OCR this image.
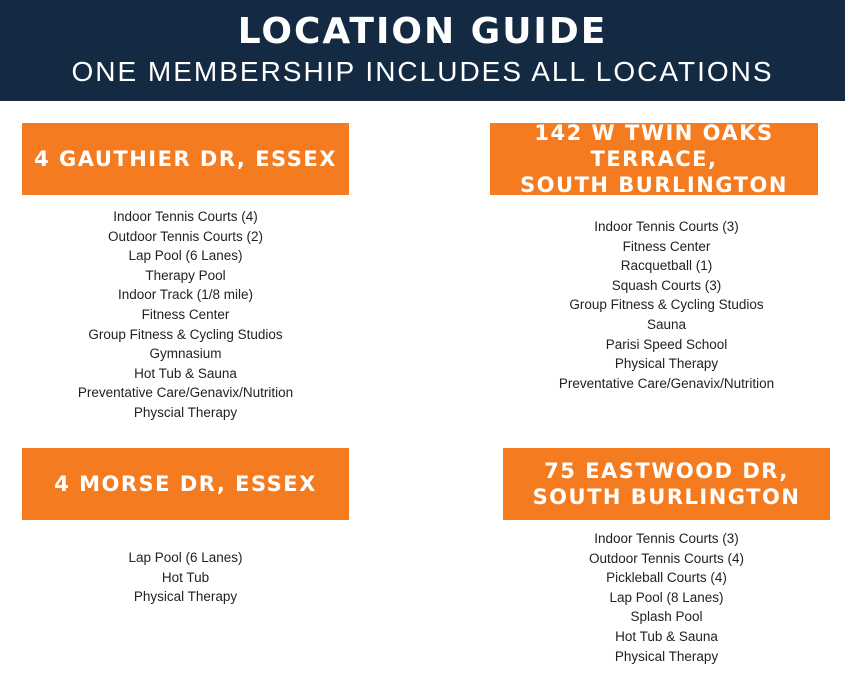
LOCATION GUIDE
ONE MEMBERSHIP INCLUDES ALL LOCATIONS
4 GAUTHIER DR, ESSEX
Indoor Tennis Courts (4)
Outdoor Tennis Courts (2)
Lap Pool (6 Lanes)
Therapy Pool
Indoor Track (1/8 mile)
Fitness Center
Group Fitness & Cycling Studios
Gymnasium
Hot Tub & Sauna
Preventative Care/Genavix/Nutrition
Physcial Therapy
142 W TWIN OAKS TERRACE,
SOUTH BURLINGTON
Indoor Tennis Courts (3)
Fitness Center
Racquetball (1)
Squash Courts (3)
Group Fitness & Cycling Studios
Sauna
Parisi Speed School
Physical Therapy
Preventative Care/Genavix/Nutrition
4 MORSE DR, ESSEX
Lap Pool (6 Lanes)
Hot Tub
Physical Therapy
75 EASTWOOD DR,
SOUTH BURLINGTON
Indoor Tennis Courts (3)
Outdoor Tennis Courts (4)
Pickleball Courts (4)
Lap Pool (8 Lanes)
Splash Pool
Hot Tub & Sauna
Physical Therapy
